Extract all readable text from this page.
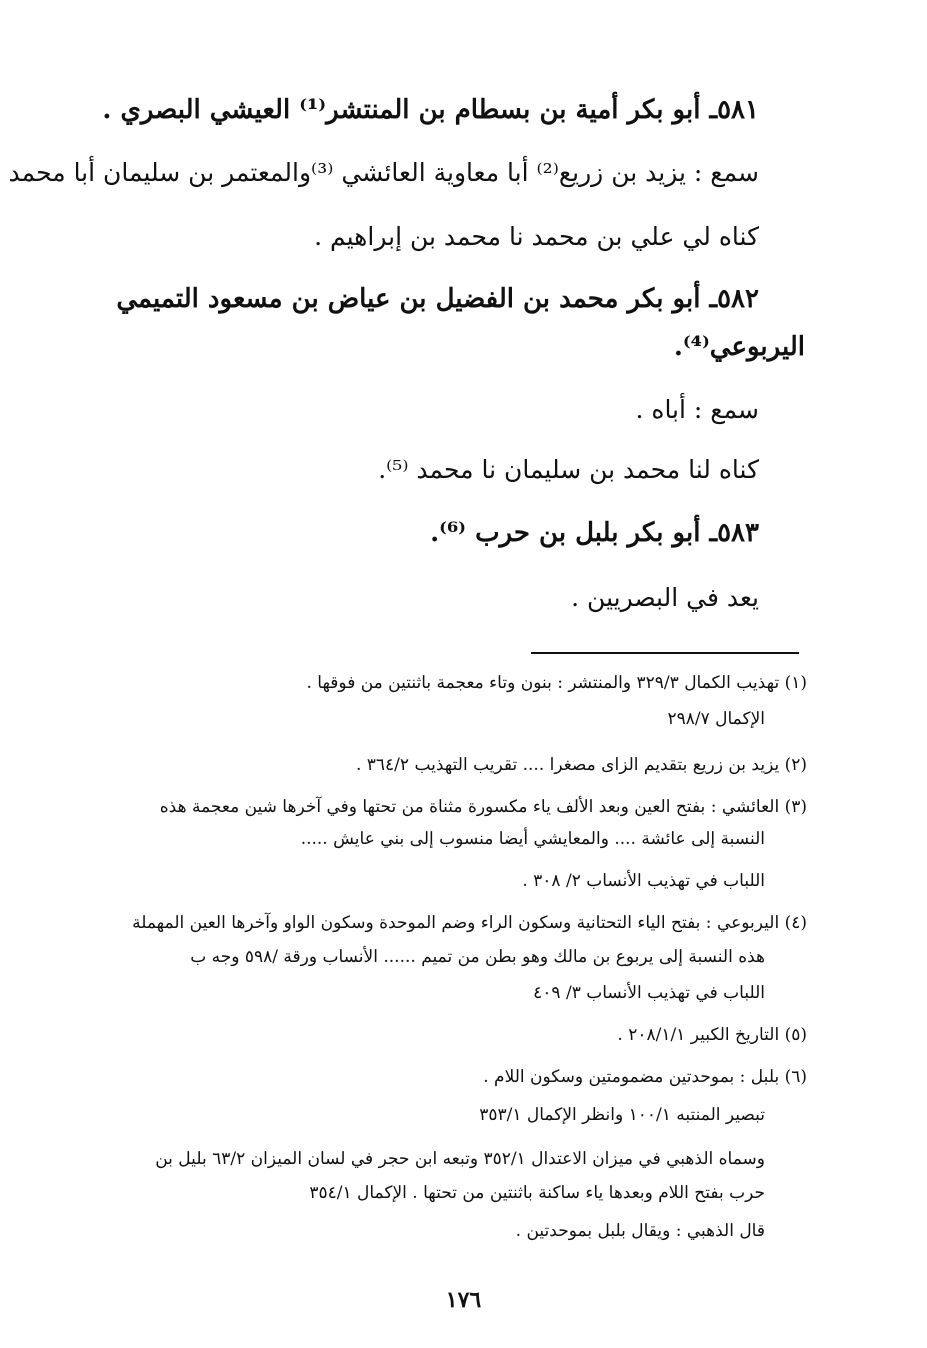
٥٨١ـ أبو بكر أمية بن بسطام بن المنتشر⁽¹⁾ العيشي البصري .
سمع : يزيد بن زريع⁽²⁾ أبا معاوية العائشي ⁽³⁾والمعتمر بن سليمان أبا محمد
كناه لي علي بن محمد نا محمد بن إبراهيم .
٥٨٢ـ أبو بكر محمد بن الفضيل بن عياض بن مسعود التميمي
اليربوعي⁽⁴⁾.
سمع : أباه .
كناه لنا محمد بن سليمان نا محمد ⁽⁵⁾.
٥٨٣ـ أبو بكر بلبل بن حرب ⁽⁶⁾.
يعد في البصريين .
(١) تهذيب الكمال ٣٢٩/٣ والمنتشر : بنون وتاء معجمة باثنتين من فوقها .
الإكمال ٢٩٨/٧
(٢) يزيد بن زريع بتقديم الزاى مصغرا .... تقريب التهذيب ٣٦٤/٢ .
(٣) العائشي : بفتح العين وبعد الألف ياء مكسورة مثناة من تحتها وفي آخرها شين معجمة هذه
النسبة إلى عائشة .... والمعايشي أيضا منسوب إلى بني عايش .....
اللباب في تهذيب الأنساب ٢/ ٣٠٨ .
(٤) اليربوعي : بفتح الياء التحتانية وسكون الراء وضم الموحدة وسكون الواو وآخرها العين المهملة
هذه النسبة إلى يربوع بن مالك وهو بطن من تميم ...... الأنساب ورقة /٥٩٨ وجه ب
اللباب في تهذيب الأنساب ٣/ ٤٠٩
(٥) التاريخ الكبير ٢٠٨/١/١ .
(٦) بلبل : بموحدتين مضمومتين وسكون اللام .
تبصير المنتبه ١٠٠/١ وانظر الإكمال ٣٥٣/١
وسماه الذهبي في ميزان الاعتدال ٣٥٢/١ وتبعه ابن حجر في لسان الميزان ٦٣/٢ بليل بن
حرب بفتح اللام وبعدها ياء ساكنة باثنتين من تحتها . الإكمال ٣٥٤/١
قال الذهبي : ويقال بلبل بموحدتين .
١٧٦
